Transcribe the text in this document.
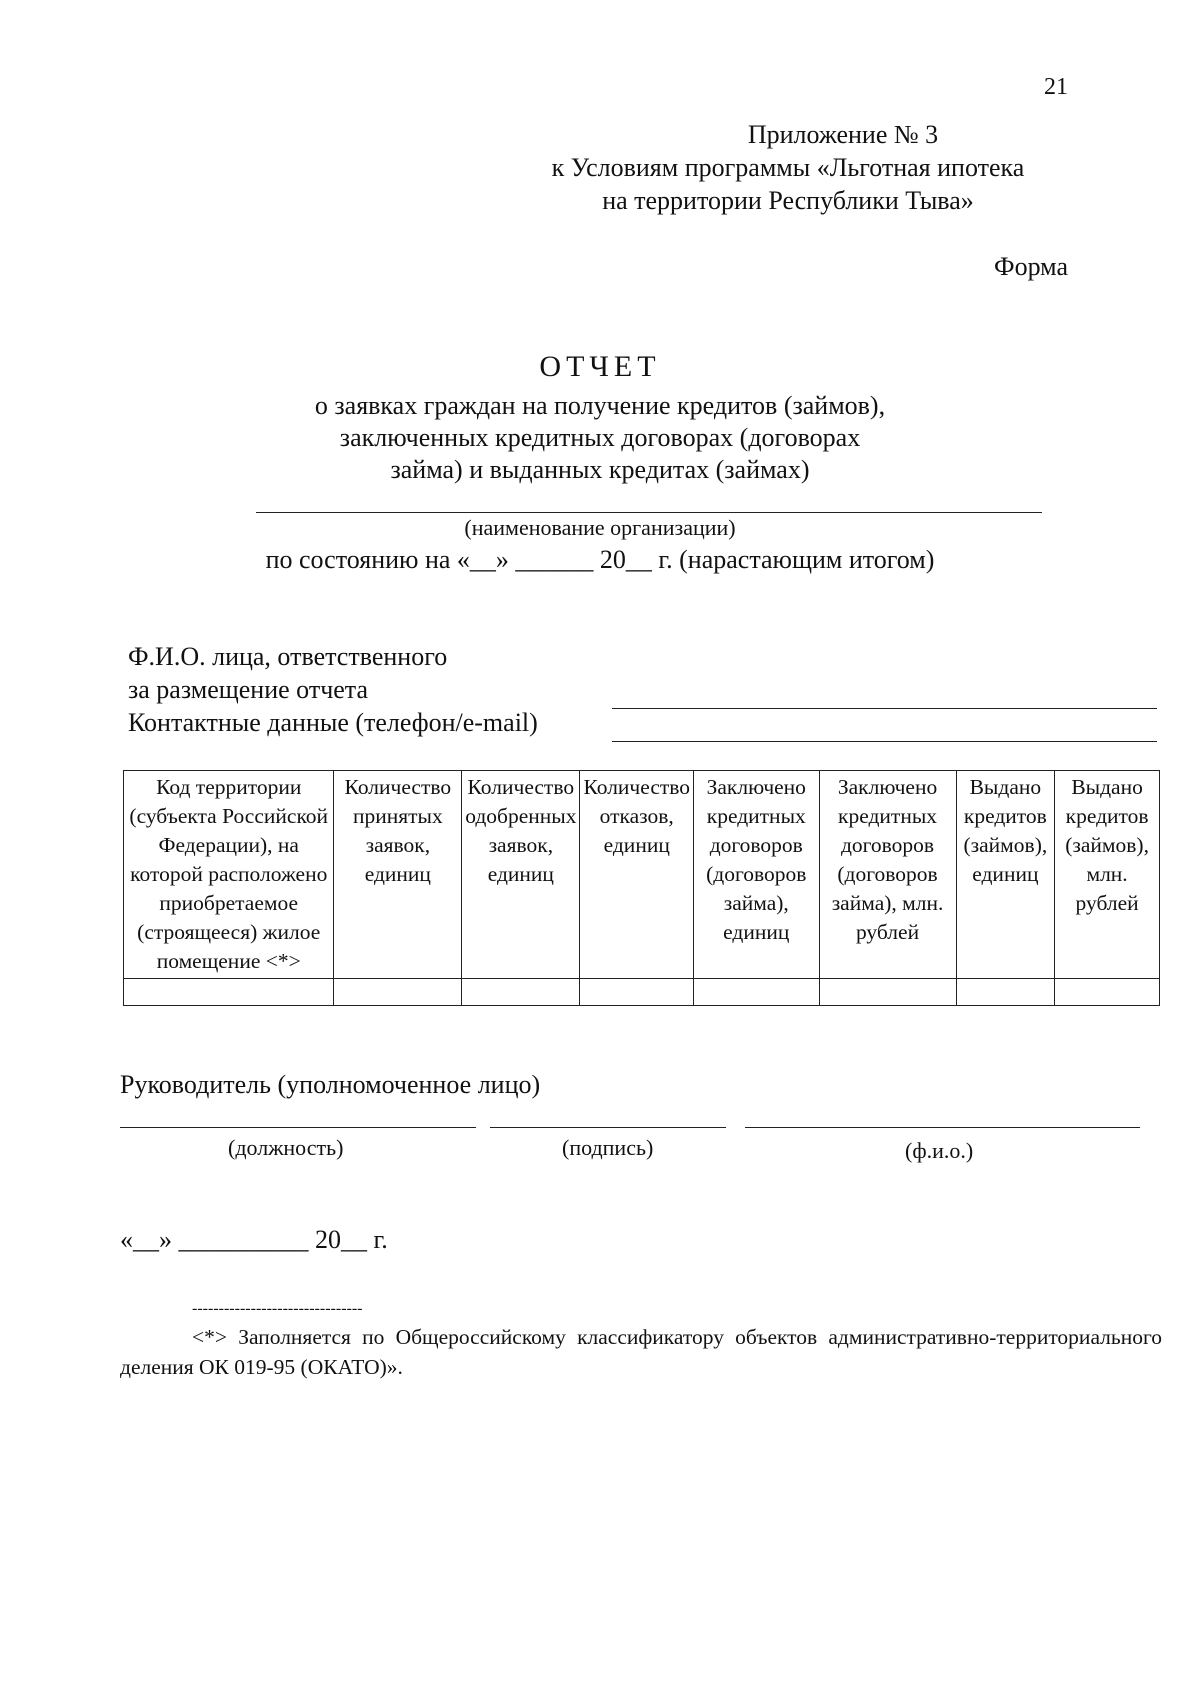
21
Приложение № 3
к Условиям программы «Льготная ипотека
на территории Республики Тыва»
Форма
ОТЧЕТ
о заявках граждан на получение кредитов (займов),
заключенных кредитных договорах (договорах
займа) и выданных кредитах (займах)
(наименование организации)
по состоянию на «__» ______ 20__ г. (нарастающим итогом)
Ф.И.О. лица, ответственного
за размещение отчета
Контактные данные (телефон/e-mail)
Код территории (субъекта Российской Федерации), на которой расположено приобретаемое (строящееся) жилое помещение <*>	Количество принятых заявок, единиц	Количество одобренных заявок, единиц	Количество отказов, единиц	Заключено кредитных договоров (договоров займа), единиц	Заключено кредитных договоров (договоров займа), млн. рублей	Выдано кредитов (займов), единиц	Выдано кредитов (займов), млн. рублей

Руководитель (уполномоченное лицо)
(должность)	(подпись)	(ф.и.о.)
«__» __________ 20__ г.
--------------------------------
<*> Заполняется по Общероссийскому классификатору объектов административно-территориального деления ОК 019-95 (ОКАТО)».
